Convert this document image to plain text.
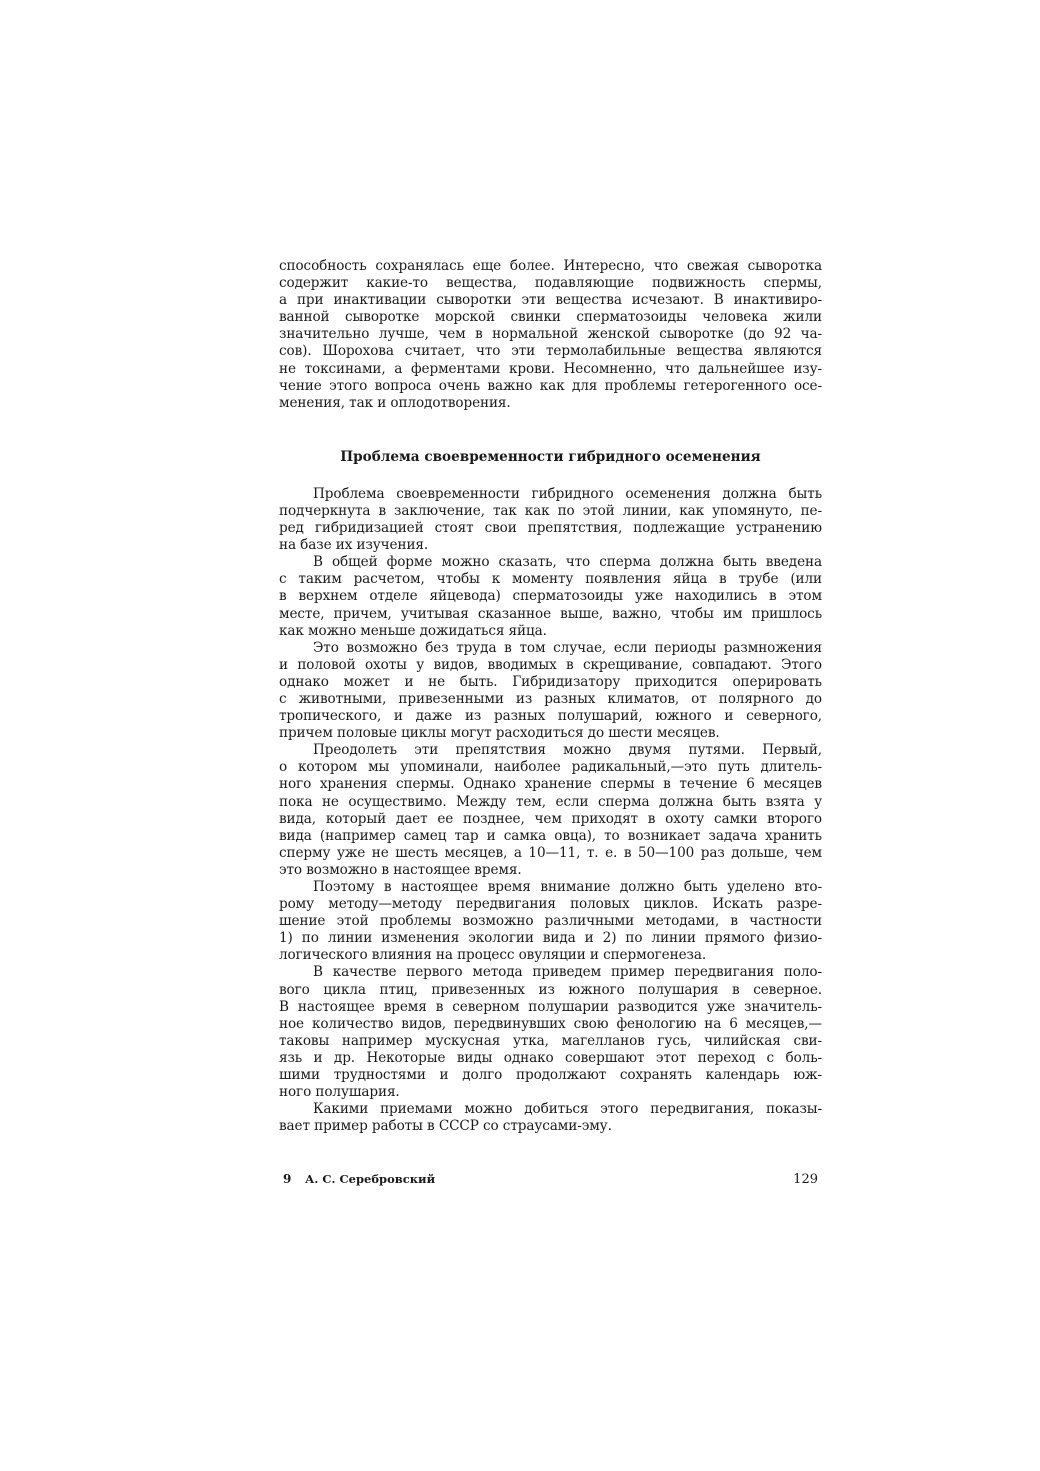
способность сохранялась еще более. Интересно, что свежая сыворотка
содержит какие-то вещества, подавляющие подвижность спермы,
а при инактивации сыворотки эти вещества исчезают. В инактивиро-
ванной сыворотке морской свинки сперматозоиды человека жили
значительно лучше, чем в нормальной женской сыворотке (до 92 ча-
сов). Шорохова считает, что эти термолабильные вещества являются
не токсинами, а ферментами крови. Несомненно, что дальнейшее изу-
чение этого вопроса очень важно как для проблемы гетерогенного осе-
менения, так и оплодотворения.
Проблема своевременности гибридного осеменения
Проблема своевременности гибридного осеменения должна быть
подчеркнута в заключение, так как по этой линии, как упомянуто, пе-
ред гибридизацией стоят свои препятствия, подлежащие устранению
на базе их изучения.
В общей форме можно сказать, что сперма должна быть введена
с таким расчетом, чтобы к моменту появления яйца в трубе (или
в верхнем отделе яйцевода) сперматозоиды уже находились в этом
месте, причем, учитывая сказанное выше, важно, чтобы им пришлось
как можно меньше дожидаться яйца.
Это возможно без труда в том случае, если периоды размножения
и половой охоты у видов, вводимых в скрещивание, совпадают. Этого
однако может и не быть. Гибридизатору приходится оперировать
с животными, привезенными из разных климатов, от полярного до
тропического, и даже из разных полушарий, южного и северного,
причем половые циклы могут расходиться до шести месяцев.
Преодолеть эти препятствия можно двумя путями. Первый,
о котором мы упоминали, наиболее радикальный,—это путь длитель-
ного хранения спермы. Однако хранение спермы в течение 6 месяцев
пока не осуществимо. Между тем, если сперма должна быть взята у
вида, который дает ее позднее, чем приходят в охоту самки второго
вида (например самец тар и самка овца), то возникает задача хранить
сперму уже не шесть месяцев, а 10—11, т. е. в 50—100 раз дольше, чем
это возможно в настоящее время.
Поэтому в настоящее время внимание должно быть уделено вто-
рому методу—методу передвигания половых циклов. Искать разре-
шение этой проблемы возможно различными методами, в частности
1) по линии изменения экологии вида и 2) по линии прямого физио-
логического влияния на процесс овуляции и спермогенеза.
В качестве первого метода приведем пример передвигания поло-
вого цикла птиц, привезенных из южного полушария в северное.
В настоящее время в северном полушарии разводится уже значитель-
ное количество видов, передвинувших свою фенологию на 6 месяцев,—
таковы например мускусная утка, магелланов гусь, чилийская сви-
язь и др. Некоторые виды однако совершают этот переход с боль-
шими трудностями и долго продолжают сохранять календарь юж-
ного полушария.
Какими приемами можно добиться этого передвигания, показы-
вает пример работы в СССР со страусами-эму.
9 А. С. Серебровский	129
